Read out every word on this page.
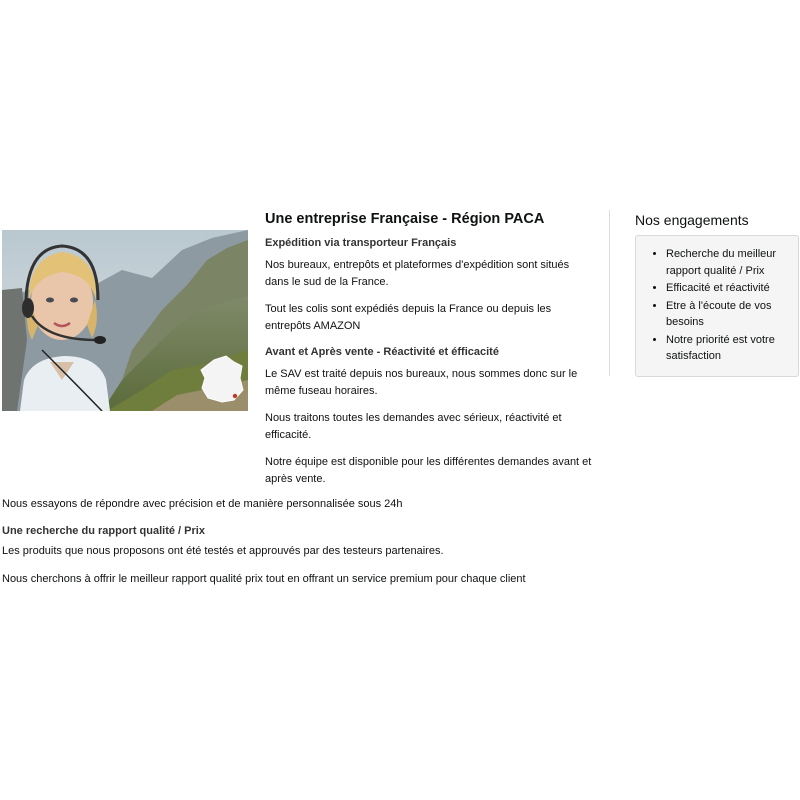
Une entreprise Française - Région PACA
Expédition via transporteur Français

Nos bureaux, entrepôts et plateformes d'expédition sont situés dans le sud de la France.

Tout les colis sont expédiés depuis la France ou depuis les entrepôts AMAZON

Avant et Après vente - Réactivité et éfficacité

Le SAV est traité depuis nos bureaux, nous sommes donc sur le même fuseau horaires.

Nous traitons toutes les demandes avec sérieux, réactivité et efficacité.

Notre équipe est disponible pour les différentes demandes avant et après vente.

Nos engagements
• Recherche du meilleur rapport qualité / Prix
• Efficacité et réactivité
• Etre à l'écoute de vos besoins
• Notre priorité est votre satisfaction

Nous essayons de répondre avec précision et de manière personnalisée sous 24h

Une recherche du rapport qualité / Prix

Les produits que nous proposons ont été testés et approuvés par des testeurs partenaires.

Nous cherchons à offrir le meilleur rapport qualité prix tout en offrant un service premium pour chaque client
